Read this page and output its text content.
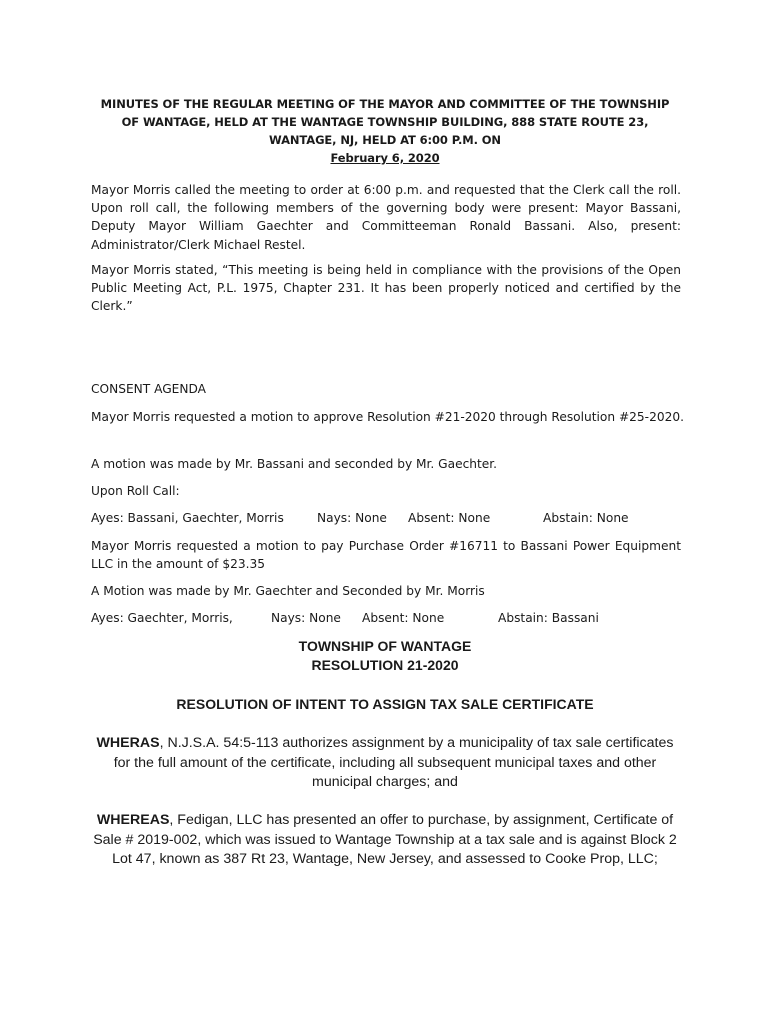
MINUTES OF THE REGULAR MEETING OF THE MAYOR AND COMMITTEE OF THE TOWNSHIP
OF WANTAGE, HELD AT THE WANTAGE TOWNSHIP BUILDING, 888 STATE ROUTE 23,
WANTAGE, NJ, HELD AT 6:00 P.M. ON
February 6, 2020

Mayor Morris called the meeting to order at 6:00 p.m. and requested that the Clerk call the roll. Upon roll call, the following members of the governing body were present: Mayor Bassani, Deputy Mayor William Gaechter and Committeeman Ronald Bassani. Also, present: Administrator/Clerk Michael Restel.

Mayor Morris stated, “This meeting is being held in compliance with the provisions of the Open Public Meeting Act, P.L. 1975, Chapter 231. It has been properly noticed and certified by the Clerk.”

CONSENT AGENDA

Mayor Morris requested a motion to approve Resolution #21-2020 through Resolution #25-2020.

A motion was made by Mr. Bassani and seconded by Mr. Gaechter.

Upon Roll Call:

Ayes: Bassani, Gaechter, Morris	Nays: None Absent: None	Abstain: None

Mayor Morris requested a motion to pay Purchase Order #16711 to Bassani Power Equipment LLC in the amount of $23.35

A Motion was made by Mr. Gaechter and Seconded by Mr. Morris

Ayes: Gaechter, Morris,	Nays: None Absent: None	Abstain: Bassani
TOWNSHIP OF WANTAGE
RESOLUTION 21-2020
RESOLUTION OF INTENT TO ASSIGN TAX SALE CERTIFICATE

WHERAS, N.J.S.A. 54:5-113 authorizes assignment by a municipality of tax sale certificates for the full amount of the certificate, including all subsequent municipal taxes and other municipal charges; and

WHEREAS, Fedigan, LLC has presented an offer to purchase, by assignment, Certificate of Sale # 2019-002, which was issued to Wantage Township at a tax sale and is against Block 2 Lot 47, known as 387 Rt 23, Wantage, New Jersey, and assessed to Cooke Prop, LLC;
